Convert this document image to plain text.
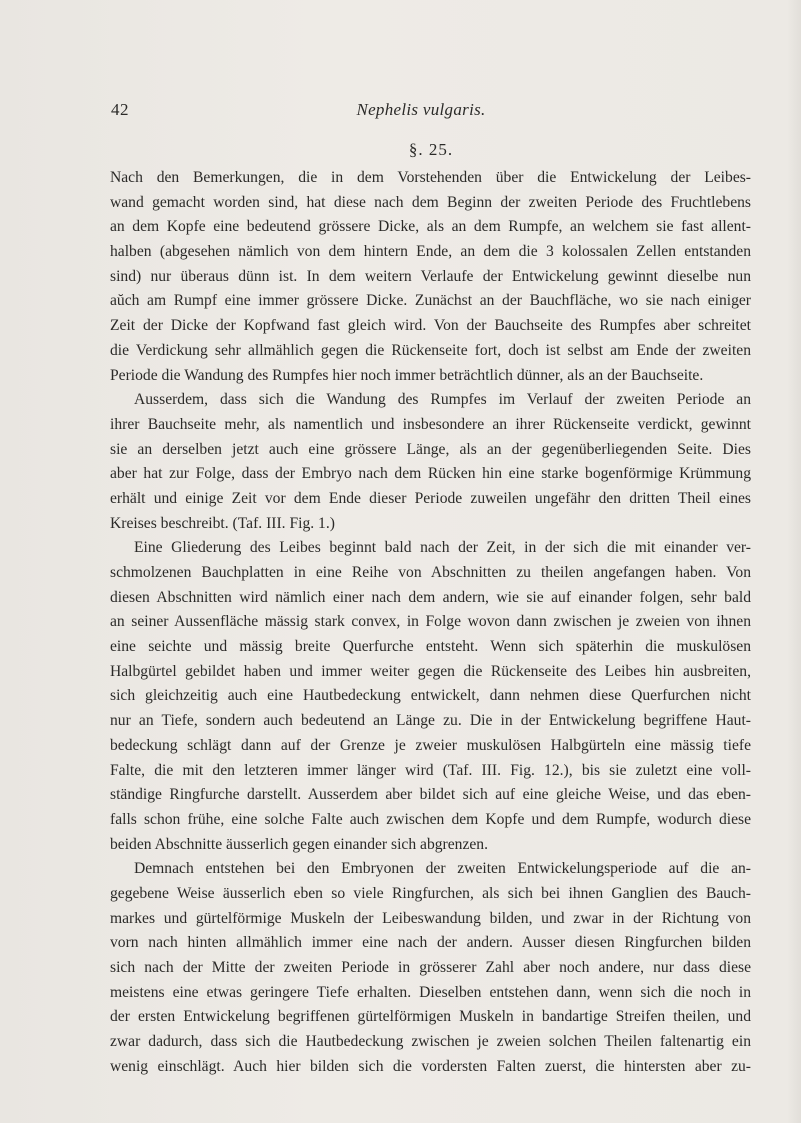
42	Nephelis vulgaris.
§. 25.
Nach den Bemerkungen, die in dem Vorstehenden über die Entwickelung der Leibes-
wand gemacht worden sind, hat diese nach dem Beginn der zweiten Periode des Fruchtlebens
an dem Kopfe eine bedeutend grössere Dicke, als an dem Rumpfe, an welchem sie fast allent-
halben (abgesehen nämlich von dem hintern Ende, an dem die 3 kolossalen Zellen entstanden
sind) nur überaus dünn ist. In dem weitern Verlaufe der Entwickelung gewinnt dieselbe nun
aŭch am Rumpf eine immer grössere Dicke. Zunächst an der Bauchfläche, wo sie nach einiger
Zeit der Dicke der Kopfwand fast gleich wird. Von der Bauchseite des Rumpfes aber schreitet
die Verdickung sehr allmählich gegen die Rückenseite fort, doch ist selbst am Ende der zweiten
Periode die Wandung des Rumpfes hier noch immer beträchtlich dünner, als an der Bauchseite.
Ausserdem, dass sich die Wandung des Rumpfes im Verlauf der zweiten Periode an
ihrer Bauchseite mehr, als namentlich und insbesondere an ihrer Rückenseite verdickt, gewinnt
sie an derselben jetzt auch eine grössere Länge, als an der gegenüberliegenden Seite. Dies
aber hat zur Folge, dass der Embryo nach dem Rücken hin eine starke bogenförmige Krümmung
erhält und einige Zeit vor dem Ende dieser Periode zuweilen ungefähr den dritten Theil eines
Kreises beschreibt. (Taf. III. Fig. 1.)
Eine Gliederung des Leibes beginnt bald nach der Zeit, in der sich die mit einander ver-
schmolzenen Bauchplatten in eine Reihe von Abschnitten zu theilen angefangen haben. Von
diesen Abschnitten wird nämlich einer nach dem andern, wie sie auf einander folgen, sehr bald
an seiner Aussenfläche mässig stark convex, in Folge wovon dann zwischen je zweien von ihnen
eine seichte und mässig breite Querfurche entsteht. Wenn sich späterhin die muskulösen
Halbgürtel gebildet haben und immer weiter gegen die Rückenseite des Leibes hin ausbreiten,
sich gleichzeitig auch eine Hautbedeckung entwickelt, dann nehmen diese Querfurchen nicht
nur an Tiefe, sondern auch bedeutend an Länge zu. Die in der Entwickelung begriffene Haut-
bedeckung schlägt dann auf der Grenze je zweier muskulösen Halbgürteln eine mässig tiefe
Falte, die mit den letzteren immer länger wird (Taf. III. Fig. 12.), bis sie zuletzt eine voll-
ständige Ringfurche darstellt. Ausserdem aber bildet sich auf eine gleiche Weise, und das eben-
falls schon frühe, eine solche Falte auch zwischen dem Kopfe und dem Rumpfe, wodurch diese
beiden Abschnitte äusserlich gegen einander sich abgrenzen.
Demnach entstehen bei den Embryonen der zweiten Entwickelungsperiode auf die an-
gegebene Weise äusserlich eben so viele Ringfurchen, als sich bei ihnen Ganglien des Bauch-
markes und gürtelförmige Muskeln der Leibeswandung bilden, und zwar in der Richtung von
vorn nach hinten allmählich immer eine nach der andern. Ausser diesen Ringfurchen bilden
sich nach der Mitte der zweiten Periode in grösserer Zahl aber noch andere, nur dass diese
meistens eine etwas geringere Tiefe erhalten. Dieselben entstehen dann, wenn sich die noch in
der ersten Entwickelung begriffenen gürtelförmigen Muskeln in bandartige Streifen theilen, und
zwar dadurch, dass sich die Hautbedeckung zwischen je zweien solchen Theilen faltenartig ein
wenig einschlägt. Auch hier bilden sich die vordersten Falten zuerst, die hintersten aber zu-
